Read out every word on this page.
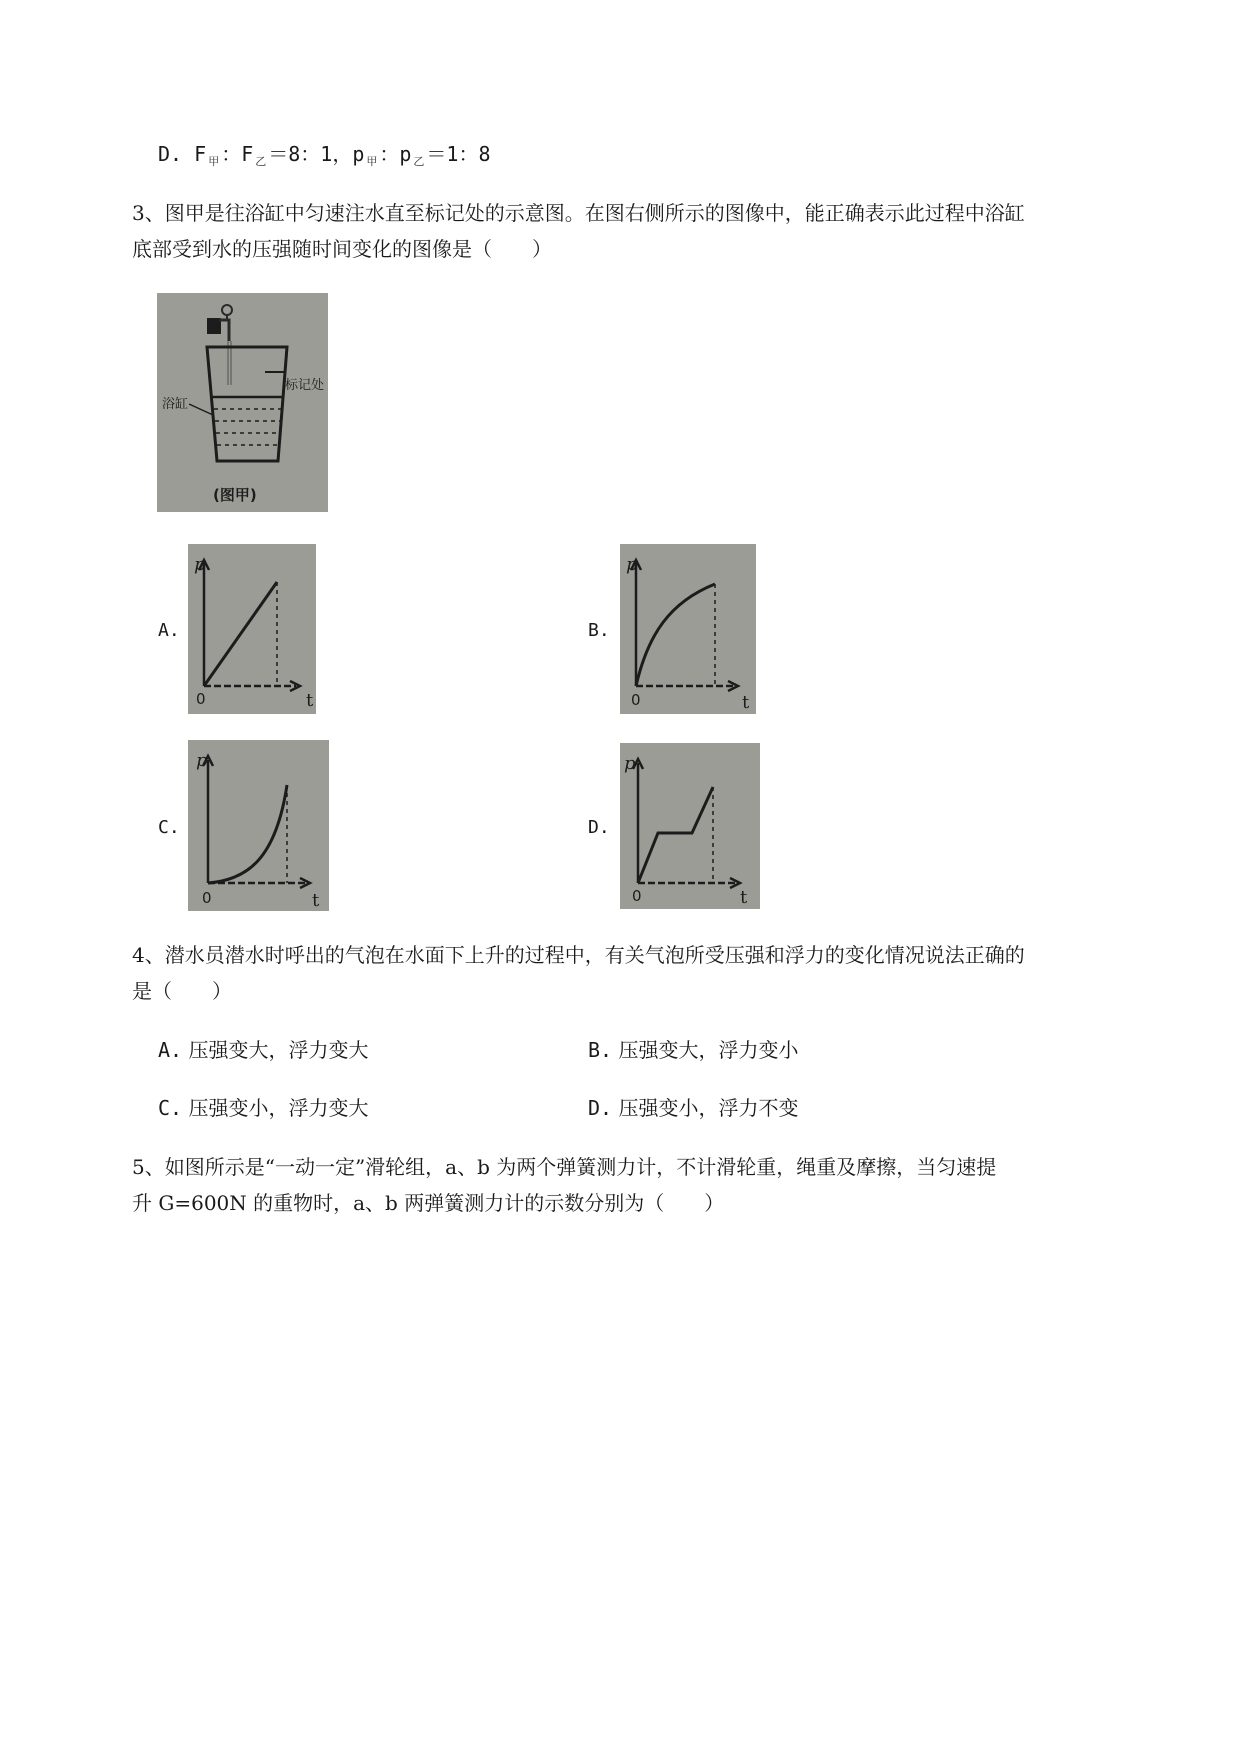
D. F $_甲$ ：F $_乙$ ＝8：1，p $_甲$ ：p $_乙$ ＝1：8
3、图甲是往浴缸中匀速注水直至标记处的示意图。在图右侧所示的图像中，能正确表示此过程中浴缸
底部受到水的压强随时间变化的图像是（　　）
标记处
浴缸
(图甲)
A.
p
t
0
B.
p
t
0
C.
p
t
0
D.
p
t
0
4、潜水员潜水时呼出的气泡在水面下上升的过程中，有关气泡所受压强和浮力的变化情况说法正确的
是（　　）
A. 压强变大，浮力变大	B. 压强变大，浮力变小
C. 压强变小，浮力变大	D. 压强变小，浮力不变
5、如图所示是“一动一定”滑轮组，a、b 为两个弹簧测力计，不计滑轮重，绳重及摩擦，当匀速提
升 G=600N 的重物时，a、b 两弹簧测力计的示数分别为（　　）
